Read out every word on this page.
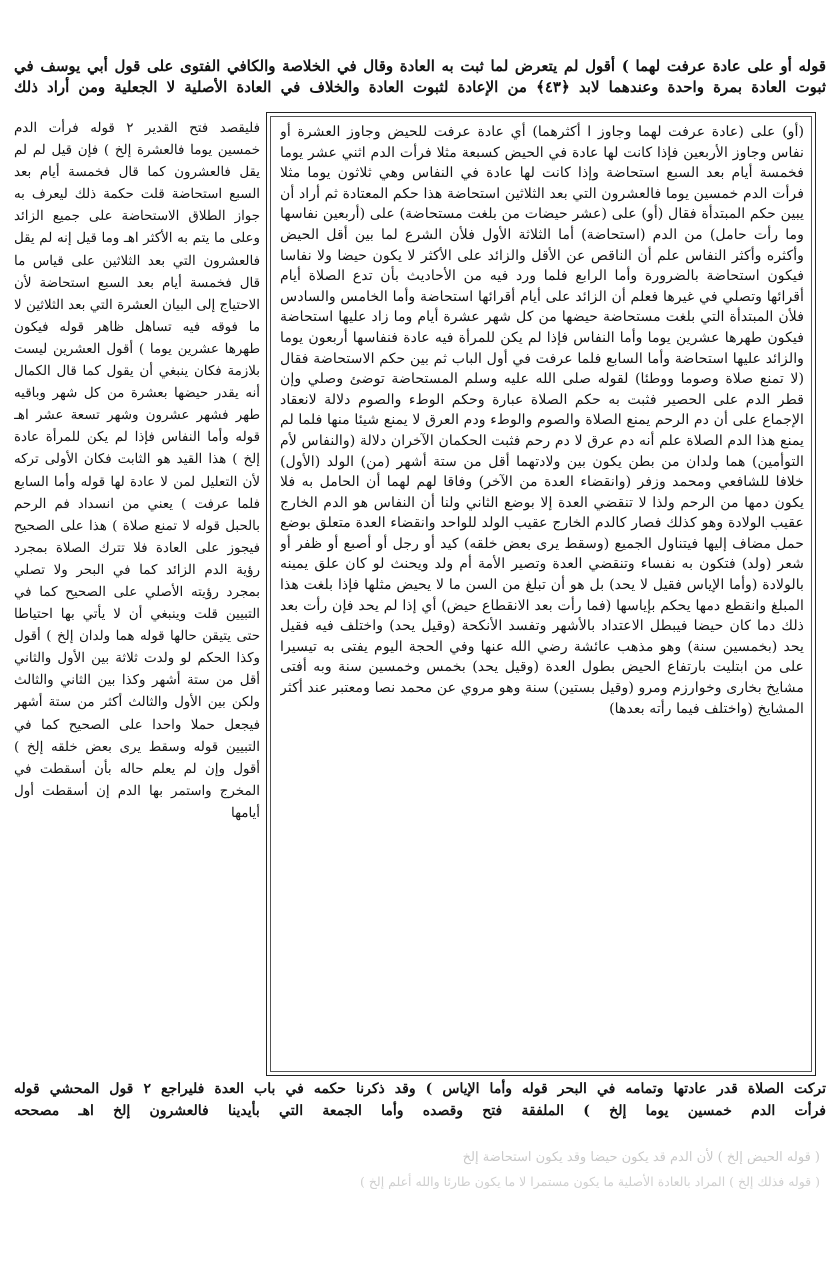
قوله أو على عادة عرفت لهما ) أقول لم يتعرض لما ثبت به العادة وقال في الخلاصة والكافي الفتوى على قول أبي يوسف في
ثبوت العادة بمرة واحدة وعندهما لابد ﴿٤٣﴾ من الإعادة لثبوت العادة والخلاف في العادة الأصلية لا الجعلية ومن أراد ذلك

(أو) على (عادة عرفت لهما وجاوز ا أكثرهما) أي عادة عرفت للحيض وجاوز العشرة أو نفاس وجاوز الأربعين فإذا كانت لها عادة في الحيض كسبعة مثلا فرأت الدم اثني عشر يوما فخمسة أيام بعد السبع استحاضة وإذا كانت لها عادة في النفاس وهي ثلاثون يوما مثلا فرأت الدم خمسين يوما فالعشرون التي بعد الثلاثين استحاضة هذا حكم المعتادة ثم أراد أن يبين حكم المبتدأة فقال (أو) على (عشر حيضات من بلغت مستحاضة) على (أربعين نفاسها وما رأت حامل) من الدم (استحاضة) أما الثلاثة الأول فلأن الشرع لما بين أقل الحيض وأكثره وأكثر النفاس علم أن الناقص عن الأقل والزائد على الأكثر لا يكون حيضا ولا نفاسا فيكون استحاضة بالضرورة وأما الرابع فلما ورد فيه من الأحاديث بأن تدع الصلاة أيام أقرائها وتصلي في غيرها فعلم أن الزائد على أيام أقرائها استحاضة وأما الخامس والسادس فلأن المبتدأة التي بلغت مستحاضة حيضها من كل شهر عشرة أيام وما زاد عليها استحاضة فيكون طهرها عشرين يوما وأما النفاس فإذا لم يكن للمرأة فيه عادة فنفاسها أربعون يوما والزائد عليها استحاضة وأما السابع فلما عرفت في أول الباب ثم بين حكم الاستحاضة فقال (لا تمنع صلاة وصوما ووطئا) لقوله صلى الله عليه وسلم المستحاضة توضئ وصلي وإن قطر الدم على الحصير فثبت به حكم الصلاة عبارة وحكم الوطء والصوم دلالة لانعقاد الإجماع على أن دم الرحم يمنع الصلاة والصوم والوطء ودم العرق لا يمنع شيئا منها فلما لم يمنع هذا الدم الصلاة علم أنه دم عرق لا دم رحم فثبت الحكمان الآخران دلالة (والنفاس لأم التوأمين) هما ولدان من بطن يكون بين ولادتهما أقل من ستة أشهر (من) الولد (الأول) خلافا للشافعي ومحمد وزفر (وانقضاء العدة من الآخر) وفاقا لهم لهما أن الحامل به فلا يكون دمها من الرحم ولذا لا تنقضي العدة إلا بوضع الثاني ولنا أن النفاس هو الدم الخارج عقيب الولادة وهو كذلك فصار كالدم الخارج عقيب الولد للواحد وانقضاء العدة متعلق بوضع حمل مضاف إليها فيتناول الجميع (وسقط يرى بعض خلقه) كيد أو رجل أو أصبع أو ظفر أو شعر (ولد) فتكون به نفساء وتنقضي العدة وتصير الأمة أم ولد ويحنث لو كان علق يمينه بالولادة (وأما الإياس فقيل لا يحد) بل هو أن تبلغ من السن ما لا يحيض مثلها فإذا بلغت هذا المبلغ وانقطع دمها يحكم بإياسها (فما رأت بعد الانقطاع حيض) أي إذا لم يحد فإن رأت بعد ذلك دما كان حيضا فيبطل الاعتداد بالأشهر وتفسد الأنكحة (وقيل يحد) واختلف فيه فقيل يحد (بخمسين سنة) وهو مذهب عائشة رضي الله عنها وفي الحجة اليوم يفتى به تيسيرا على من ابتليت بارتفاع الحيض بطول العدة (وقيل يحد) بخمس وخمسين سنة وبه أفتى مشايخ بخارى وخوارزم ومرو (وقيل بستين) سنة وهو مروي عن محمد نصا ومعتبر عند أكثر المشايخ (واختلف فيما رأته بعدها)

فليقصد فتح القدير ٢ قوله فرأت الدم خمسين يوما فالعشرة إلخ ) فإن قيل لم لم يقل فالعشرون كما قال فخمسة أيام بعد السبع استحاضة قلت حكمة ذلك ليعرف به جواز الطلاق الاستحاضة على جميع الزائد وعلى ما يتم به الأكثر اهـ وما قيل إنه لم يقل فالعشرون التي بعد الثلاثين على قياس ما قال فخمسة أيام بعد السبع استحاضة لأن الاحتياج إلى البيان العشرة التي بعد الثلاثين لا ما فوقه فيه تساهل ظاهر قوله فيكون طهرها عشرين يوما ) أقول العشرين ليست بلازمة فكان ينبغي أن يقول كما قال الكمال أنه يقدر حيضها بعشرة من كل شهر وباقيه طهر فشهر عشرون وشهر تسعة عشر اهـ قوله وأما النفاس فإذا لم يكن للمرأة عادة إلخ ) هذا القيد هو الثابت فكان الأولى تركه لأن التعليل لمن لا عادة لها قوله وأما السابع فلما عرفت ) يعني من انسداد فم الرحم بالحبل قوله لا تمنع صلاة ) هذا على الصحيح فيجوز على العادة فلا تترك الصلاة بمجرد رؤية الدم الزائد كما في البحر ولا تصلي بمجرد رؤيته الأصلي على الصحيح كما في التبيين قلت وينبغي أن لا يأتي بها احتياطا حتى يتيقن حالها قوله هما ولدان إلخ ) أقول وكذا الحكم لو ولدت ثلاثة بين الأول والثاني أقل من ستة أشهر وكذا بين الثاني والثالث ولكن بين الأول والثالث أكثر من ستة أشهر فيجعل حملا واحدا على الصحيح كما في التبيين قوله وسقط يرى بعض خلقه إلخ ) أقول وإن لم يعلم حاله بأن أسقطت في المخرج واستمر بها الدم إن أسقطت أول أيامها

تركت الصلاة قدر عادتها وتمامه في البحر قوله وأما الإياس ) وقد ذكرنا حكمه في باب العدة فليراجع ٢ قول المحشي قوله
فرأت الدم خمسين يوما إلخ ) الملفقة فتح وقصده وأما الجمعة التي بأيدينا فالعشرون إلخ اهـ مصححه
( قوله الحيض إلخ ) لأن الدم قد يكون حيضا وقد يكون استحاضة إلخ
( قوله فذلك إلخ ) المراد بالعادة الأصلية ما يكون مستمرا لا ما يكون طارئا والله أعلم إلخ )
